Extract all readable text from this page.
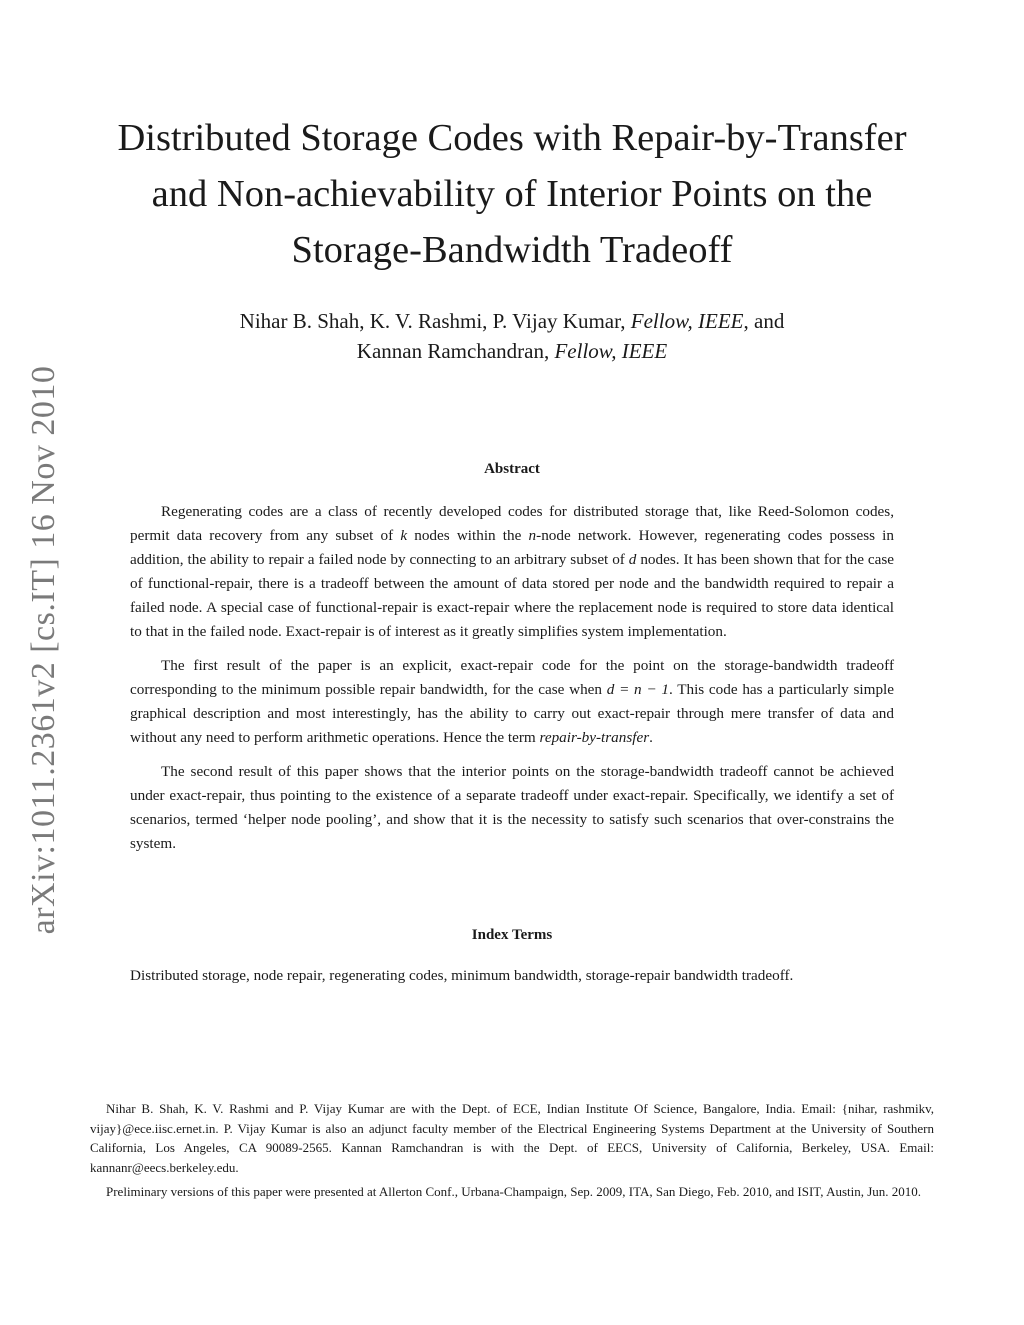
arXiv:1011.2361v2 [cs.IT] 16 Nov 2010
Distributed Storage Codes with Repair-by-Transfer
and Non-achievability of Interior Points on the
Storage-Bandwidth Tradeoff
Nihar B. Shah, K. V. Rashmi, P. Vijay Kumar, Fellow, IEEE, and
Kannan Ramchandran, Fellow, IEEE
Abstract

Regenerating codes are a class of recently developed codes for distributed storage that, like Reed-Solomon codes, permit data recovery from any subset of k nodes within the n-node network. However, regenerating codes possess in addition, the ability to repair a failed node by connecting to an arbitrary subset of d nodes. It has been shown that for the case of functional-repair, there is a tradeoff between the amount of data stored per node and the bandwidth required to repair a failed node. A special case of functional-repair is exact-repair where the replacement node is required to store data identical to that in the failed node. Exact-repair is of interest as it greatly simplifies system implementation.

The first result of the paper is an explicit, exact-repair code for the point on the storage-bandwidth tradeoff corresponding to the minimum possible repair bandwidth, for the case when d = n − 1. This code has a particularly simple graphical description and most interestingly, has the ability to carry out exact-repair through mere transfer of data and without any need to perform arithmetic operations. Hence the term repair-by-transfer.

The second result of this paper shows that the interior points on the storage-bandwidth tradeoff cannot be achieved under exact-repair, thus pointing to the existence of a separate tradeoff under exact-repair. Specifically, we identify a set of scenarios, termed ‘helper node pooling’, and show that it is the necessity to satisfy such scenarios that over-constrains the system.

Index Terms
Distributed storage, node repair, regenerating codes, minimum bandwidth, storage-repair bandwidth tradeoff.

Nihar B. Shah, K. V. Rashmi and P. Vijay Kumar are with the Dept. of ECE, Indian Institute Of Science, Bangalore, India. Email: {nihar, rashmikv, vijay}@ece.iisc.ernet.in. P. Vijay Kumar is also an adjunct faculty member of the Electrical Engineering Systems Department at the University of Southern California, Los Angeles, CA 90089-2565. Kannan Ramchandran is with the Dept. of EECS, University of California, Berkeley, USA. Email: kannanr@eecs.berkeley.edu.

Preliminary versions of this paper were presented at Allerton Conf., Urbana-Champaign, Sep. 2009, ITA, San Diego, Feb. 2010, and ISIT, Austin, Jun. 2010.
